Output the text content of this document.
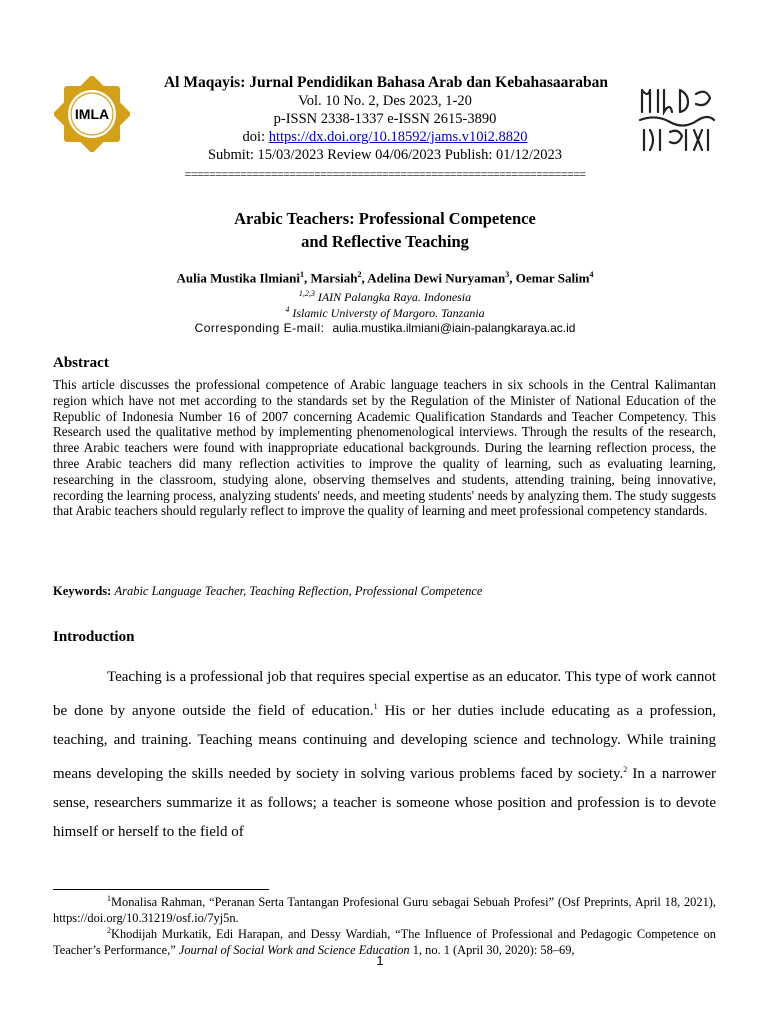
IMLA
Al Maqayis: Jurnal Pendidikan Bahasa Arab dan Kebahasaaraban
Vol. 10 No. 2, Des 2023, 1-20
p-ISSN 2338-1337 e-ISSN 2615-3890
doi: https://dx.doi.org/10.18592/jams.v10i2.8820
Submit: 15/03/2023 Review 04/06/2023 Publish: 01/12/2023
=================================================================
Arabic Teachers: Professional Competence
and Reflective Teaching
Aulia Mustika Ilmiani$^1$, Marsiah$^2$, Adelina Dewi Nuryaman$^3$, Oemar Salim$^4$
$^{1,2,3}$ IAIN Palangka Raya. Indonesia
$^4$ Islamic Universty of Margoro. Tanzania
Corresponding E-mail: aulia.mustika.ilmiani@iain-palangkaraya.ac.id
Abstract
This article discusses the professional competence of Arabic language teachers in six schools in the Central Kalimantan region which have not met according to the standards set by the Regulation of the Minister of National Education of the Republic of Indonesia Number 16 of 2007 concerning Academic Qualification Standards and Teacher Competency. This Research used the qualitative method by implementing phenomenological interviews. Through the results of the research, three Arabic teachers were found with inappropriate educational backgrounds. During the learning reflection process, the three Arabic teachers did many reflection activities to improve the quality of learning, such as evaluating learning, researching in the classroom, studying alone, observing themselves and students, attending training, being innovative, recording the learning process, analyzing students' needs, and meeting students' needs by analyzing them. The study suggests that Arabic teachers should regularly reflect to improve the quality of learning and meet professional competency standards.
Keywords: Arabic Language Teacher, Teaching Reflection, Professional Competence
Introduction
Teaching is a professional job that requires special expertise as an educator. This type of work cannot be done by anyone outside the field of education.$^1$ His or her duties include educating as a profession, teaching, and training. Teaching means continuing and developing science and technology. While training means developing the skills needed by society in solving various problems faced by society.$^2$ In a narrower sense, researchers summarize it as follows; a teacher is someone whose position and profession is to devote himself or herself to the field of
$^1$Monalisa Rahman, “Peranan Serta Tantangan Profesional Guru sebagai Sebuah Profesi” (Osf Preprints, April 18, 2021), https://doi.org/10.31219/osf.io/7yj5n.
$^2$Khodijah Murkatik, Edi Harapan, and Dessy Wardiah, “The Influence of Professional and Pedagogic Competence on Teacher’s Performance,” Journal of Social Work and Science Education 1, no. 1 (April 30, 2020): 58–69,
1
